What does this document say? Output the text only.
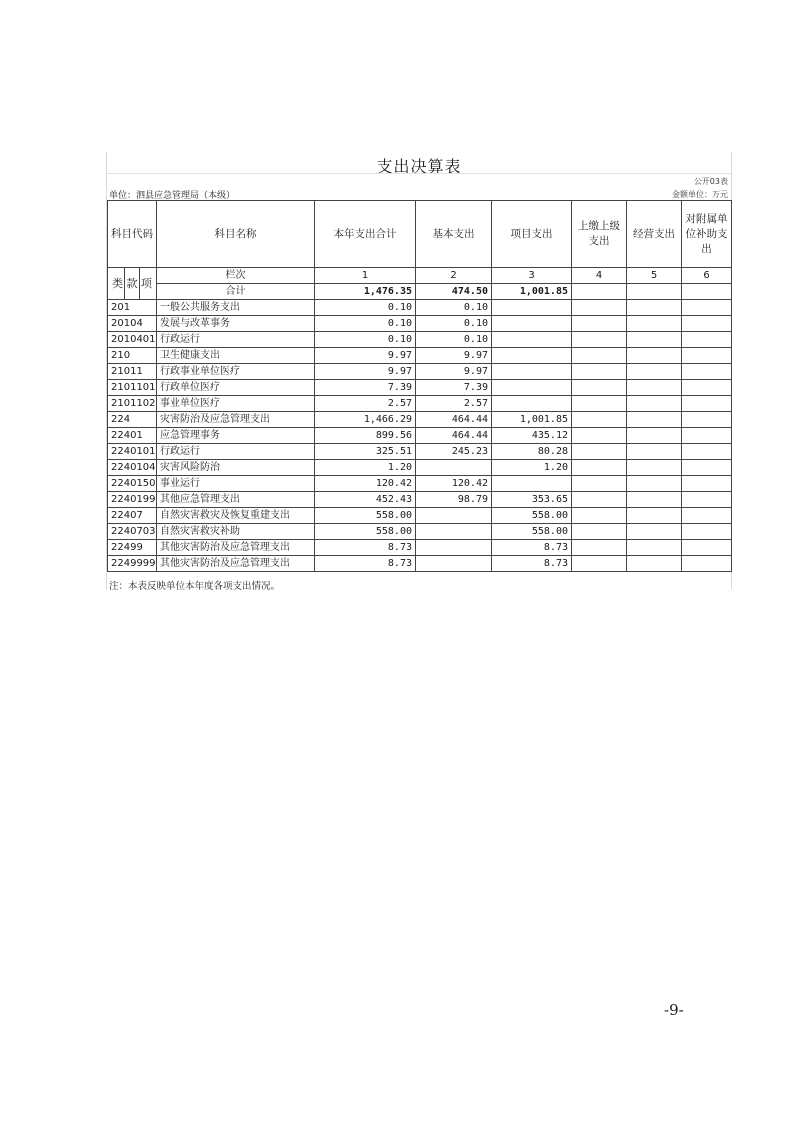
支出决算表
公开03表
单位：泗县应急管理局（本级）	金额单位：万元
科目代码	科目名称	本年支出合计	基本支出	项目支出	上缴上级支出	经营支出	对附属单位补助支出

类 款 项	栏次	1	2	3	4	5	6
	合计	1,476.35	474.50	1,001.85			
201	一般公共服务支出	0.10	0.10				
20104	发展与改革事务	0.10	0.10				
2010401	行政运行	0.10	0.10				
210	卫生健康支出	9.97	9.97				
21011	行政事业单位医疗	9.97	9.97				
2101101	行政单位医疗	7.39	7.39				
2101102	事业单位医疗	2.57	2.57				
224	灾害防治及应急管理支出	1,466.29	464.44	1,001.85			
22401	应急管理事务	899.56	464.44	435.12			
2240101	行政运行	325.51	245.23	80.28			
2240104	灾害风险防治	1.20		1.20			
2240150	事业运行	120.42	120.42				
2240199	其他应急管理支出	452.43	98.79	353.65			
22407	自然灾害救灾及恢复重建支出	558.00		558.00			
2240703	自然灾害救灾补助	558.00		558.00			
22499	其他灾害防治及应急管理支出	8.73		8.73			
2249999	其他灾害防治及应急管理支出	8.73		8.73			
注：本表反映单位本年度各项支出情况。
-9-
